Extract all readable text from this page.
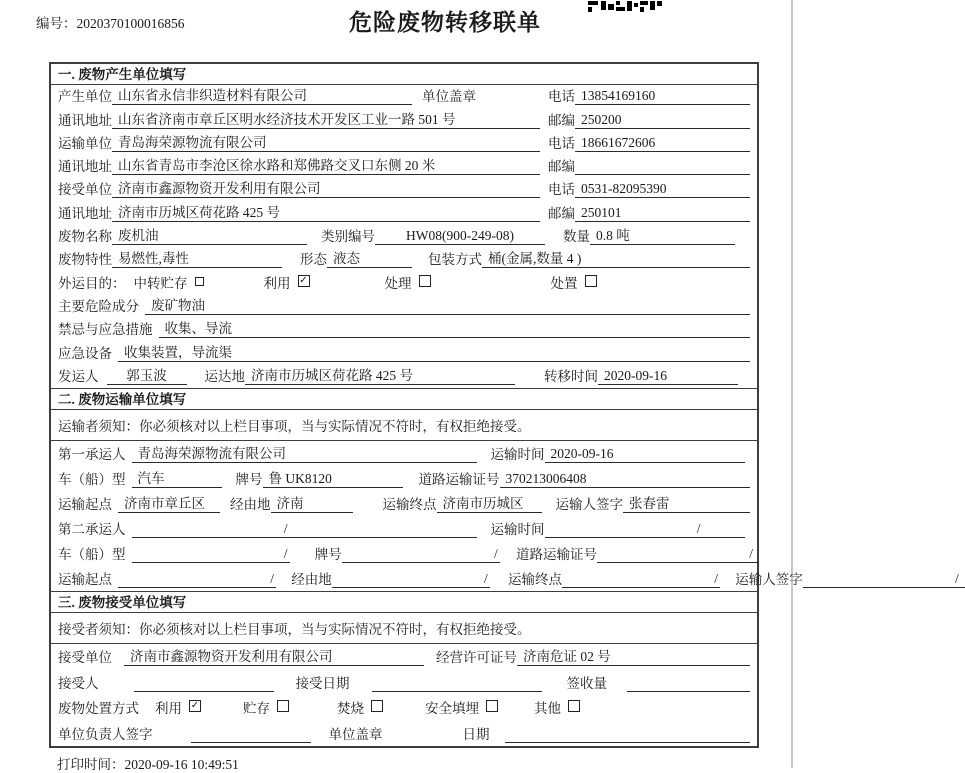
编号：2020370100016856	危险废物转移联单
一. 废物产生单位填写
产生单位 山东省永信非织造材料有限公司	单位盖章	电话 13854169160
通讯地址 山东省济南市章丘区明水经济技术开发区工业一路 501 号	邮编 250200
运输单位 青岛海荣源物流有限公司	电话 18661672606
通讯地址 山东省青岛市李沧区徐水路和郑佛路交叉口东侧 20 米	邮编
接受单位 济南市鑫源物资开发利用有限公司	电话 0531-82095390
通讯地址 济南市历城区荷花路 425 号	邮编 250101
废物名称 废机油	类别编号	HW08(900-249-08)	数量 0.8 吨
废物特性 易燃性,毒性	形态 液态	包装方式 桶(金属,数量 4 )
外运目的： 中转贮存	利用 ✓	处理	处置
主要危险成分 废矿物油
禁忌与应急措施 收集、导流
应急设备 收集装置，导流渠
发运人	郭玉波	运达地 济南市历城区荷花路 425 号	转移时间 2020-09-16
二. 废物运输单位填写
运输者须知：你必须核对以上栏目事项，当与实际情况不符时，有权拒绝接受。
第一承运人 青岛海荣源物流有限公司	运输时间 2020-09-16
车（船）型 汽车	牌号 鲁 UK8120	道路运输证号 370213006408
运输起点 济南市章丘区	经由地 济南	运输终点 济南市历城区	运输人签字 张春雷
第二承运人	/	运输时间	/
车（船）型	/ 牌号	/ 道路运输证号	/
运输起点	/ 经由地	/ 运输终点	/ 运输人签字	/
三. 废物接受单位填写
接受者须知：你必须核对以上栏目事项，当与实际情况不符时，有权拒绝接受。
接受单位	济南市鑫源物资开发利用有限公司	经营许可证号 济南危证 02 号
接受人	接受日期	签收量
废物处置方式 利用 ✓	贮存	焚烧	安全填埋	其他
单位负责人签字	单位盖章	日期
打印时间：2020-09-16 10:49:51
